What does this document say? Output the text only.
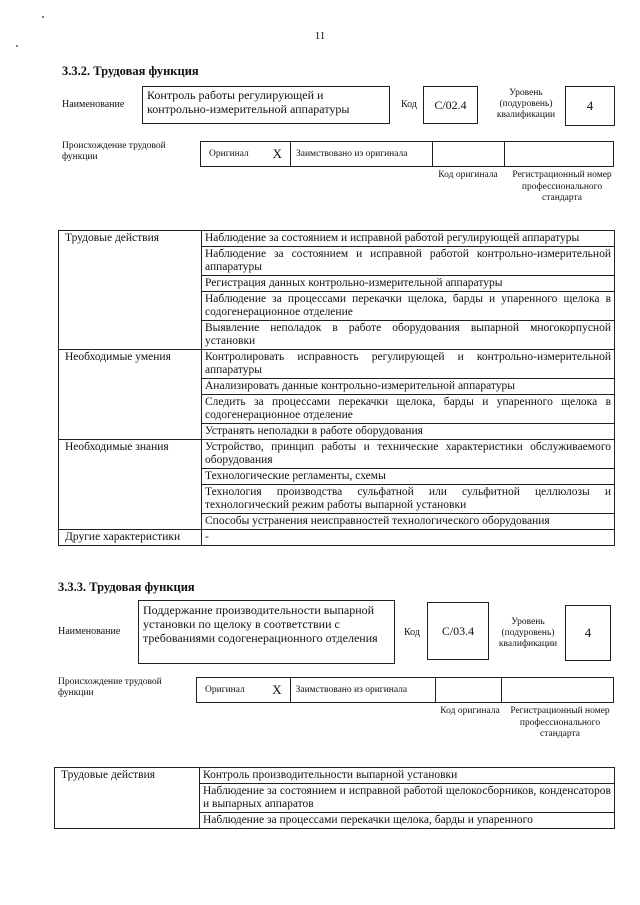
11
3.3.2. Трудовая функция
Наименование
Контроль работы регулирующей и контрольно-измерительной аппаратуры	Код	C/02.4
Уровень (подуровень) квалификации
4
Происхождение трудовой функции	Оригинал X Заимствовано из оригинала
Код оригинала	Регистрационный номер профессионального стандарта
Трудовые действия	Наблюдение за состоянием и исправной работой регулирующей аппаратуры
	Наблюдение за состоянием и исправной работой контрольно-измерительной аппаратуры
	Регистрация данных контрольно-измерительной аппаратуры
	Наблюдение за процессами перекачки щелока, барды и упаренного щелока в содогенерационное отделение
	Выявление неполадок в работе оборудования выпарной многокорпусной установки
Необходимые умения	Контролировать исправность регулирующей и контрольно-измерительной аппаратуры
	Анализировать данные контрольно-измерительной аппаратуры
	Следить за процессами перекачки щелока, барды и упаренного щелока в содогенерационное отделение
	Устранять неполадки в работе оборудования
Необходимые знания	Устройство, принцип работы и технические характеристики обслуживаемого оборудования
	Технологические регламенты, схемы
	Технология производства сульфатной или сульфитной целлюлозы и технологический режим работы выпарной установки
	Способы устранения неисправностей технологического оборудования
Другие характеристики	-
3.3.3. Трудовая функция
Наименование
Поддержание производительности выпарной установки по щелоку в соответствии с требованиями содогенерационного отделения	Код	C/03.4
Уровень (подуровень) квалификации
4
Происхождение трудовой функции	Оригинал X Заимствовано из оригинала
Код оригинала	Регистрационный номер профессионального стандарта
Трудовые действия	Контроль производительности выпарной установки
	Наблюдение за состоянием и исправной работой щелокосборников, конденсаторов и выпарных аппаратов
	Наблюдение за процессами перекачки щелока, барды и упаренного
